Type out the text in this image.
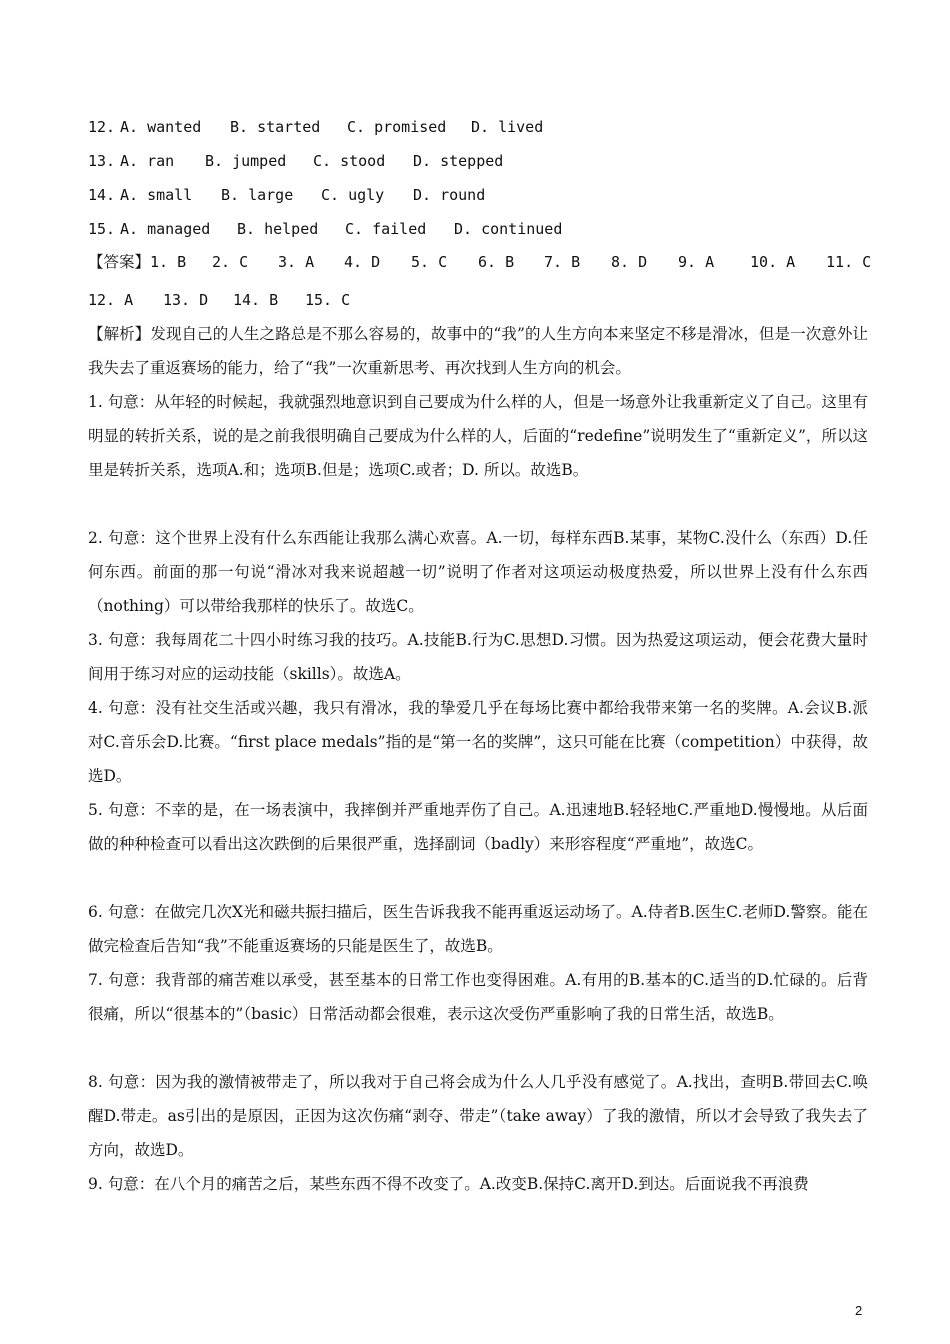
12. A. wanted B. started C. promised D. lived
13. A. ran B. jumped C. stood D. stepped
14. A. small B. large C. ugly D. round
15. A. managed B. helped C. failed D. continued
【答案】1. B 2. C 3. A 4. D 5. C 6. B 7. B 8. D 9. A 10. A 11. C
12. A 13. D 14. B 15. C
【解析】发现自己的人生之路总是不那么容易的，故事中的“我”的人生方向本来坚定不移是滑冰，但是一次意外让我失去了重返赛场的能力，给了“我”一次重新思考、再次找到人生方向的机会。
1. 句意：从年轻的时候起，我就强烈地意识到自己要成为什么样的人，但是一场意外让我重新定义了自己。这里有明显的转折关系，说的是之前我很明确自己要成为什么样的人，后面的“redefine”说明发生了“重新定义”，所以这里是转折关系，选项A.和；选项B.但是；选项C.或者；D. 所以。故选B。
2. 句意：这个世界上没有什么东西能让我那么满心欢喜。A.一切，每样东西B.某事，某物C.没什么（东西）D.任何东西。前面的那一句说“滑冰对我来说超越一切”说明了作者对这项运动极度热爱，所以世界上没有什么东西（nothing）可以带给我那样的快乐了。故选C。
3. 句意：我每周花二十四小时练习我的技巧。A.技能B.行为C.思想D.习惯。因为热爱这项运动，便会花费大量时间用于练习对应的运动技能（skills）。故选A。
4. 句意：没有社交生活或兴趣，我只有滑冰，我的挚爱几乎在每场比赛中都给我带来第一名的奖牌。A.会议B.派对C.音乐会D.比赛。“first place medals”指的是“第一名的奖牌”，这只可能在比赛（competition）中获得，故选D。
5. 句意：不幸的是，在一场表演中，我摔倒并严重地弄伤了自己。A.迅速地B.轻轻地C.严重地D.慢慢地。从后面做的种种检查可以看出这次跌倒的后果很严重，选择副词（badly）来形容程度“严重地”，故选C。
6. 句意：在做完几次X光和磁共振扫描后，医生告诉我我不能再重返运动场了。A.侍者B.医生C.老师D.警察。能在做完检查后告知“我”不能重返赛场的只能是医生了，故选B。
7. 句意：我背部的痛苦难以承受，甚至基本的日常工作也变得困难。A.有用的B.基本的C.适当的D.忙碌的。后背很痛，所以“很基本的”（basic）日常活动都会很难，表示这次受伤严重影响了我的日常生活，故选B。
8. 句意：因为我的激情被带走了，所以我对于自己将会成为什么人几乎没有感觉了。A.找出，查明B.带回去C.唤醒D.带走。as引出的是原因，正因为这次伤痛“剥夺、带走”（take away）了我的激情，所以才会导致了我失去了方向，故选D。
9. 句意：在八个月的痛苦之后，某些东西不得不改变了。A.改变B.保持C.离开D.到达。后面说我不再浪费
2
